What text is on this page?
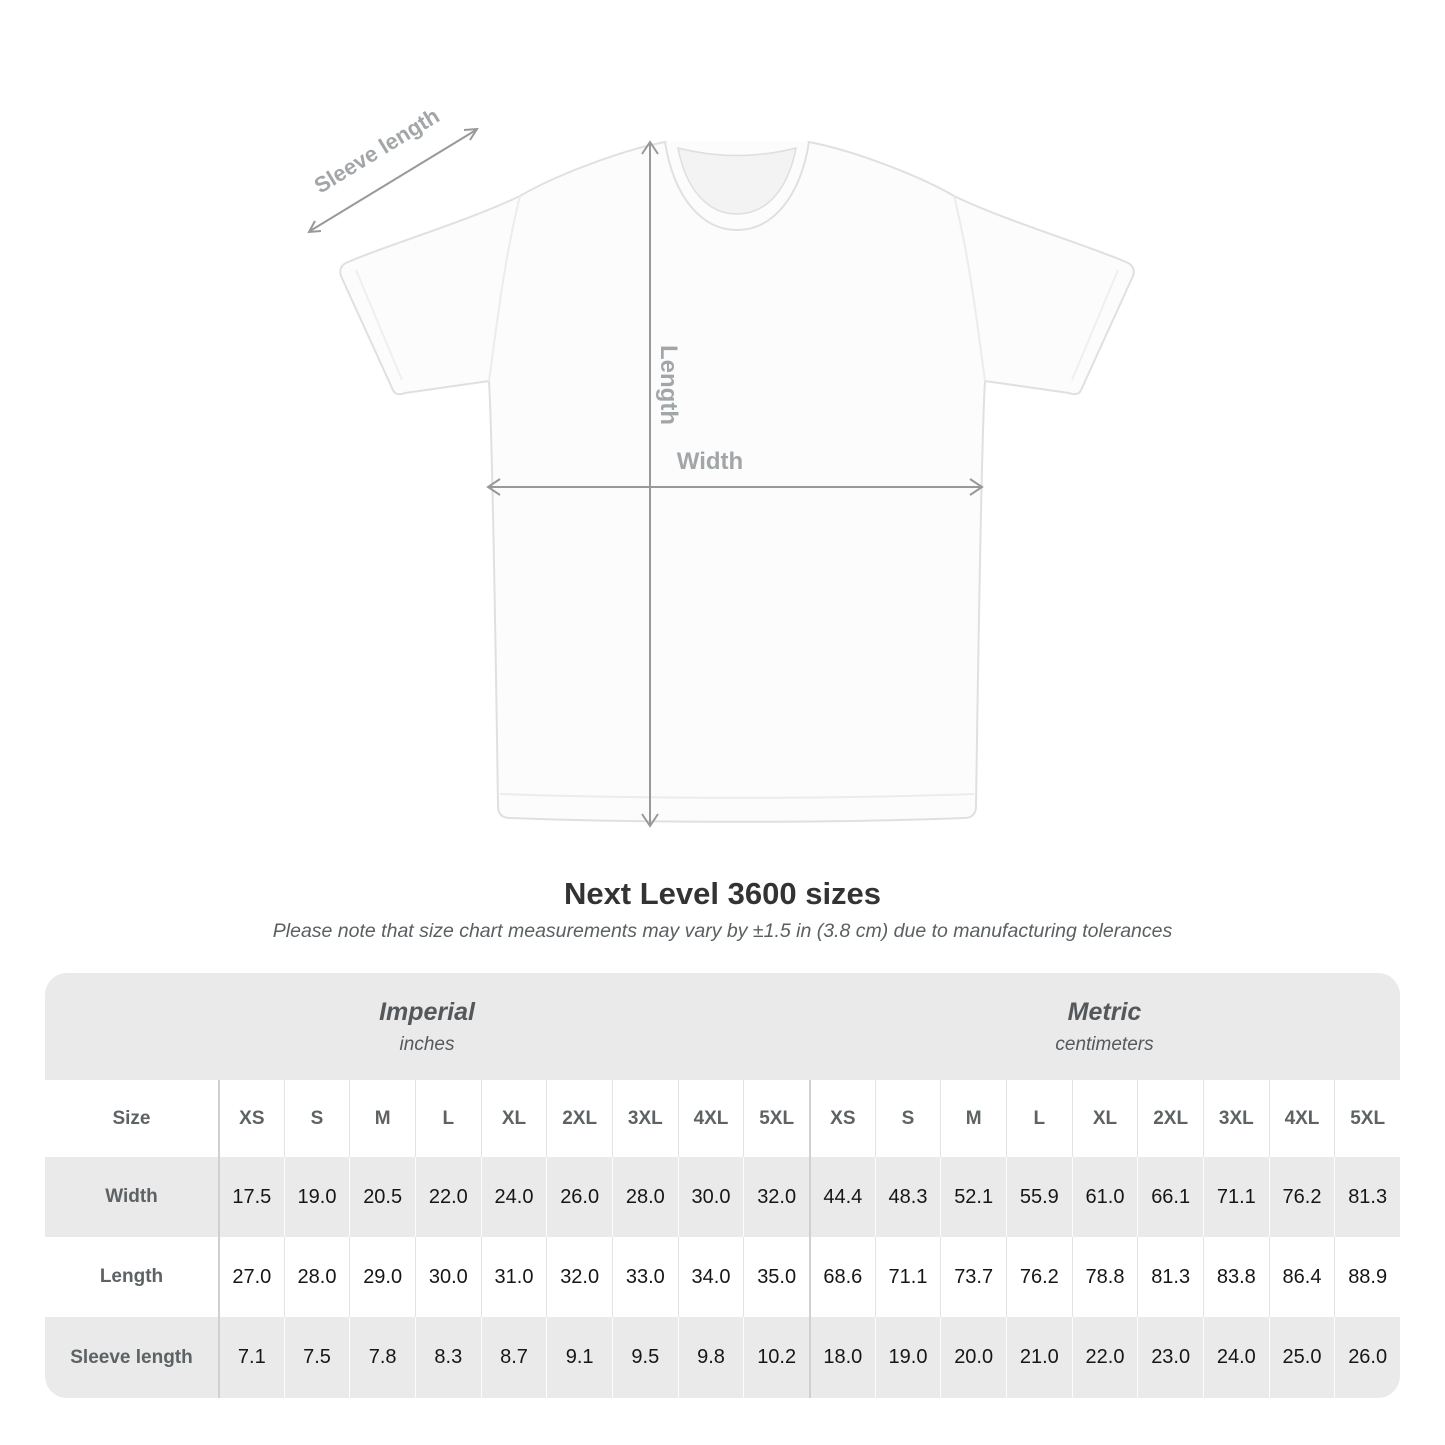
Sleeve length
Length
Width
Next Level 3600 sizes

Please note that size chart measurements may vary by ±1.5 in (3.8 cm) due to manufacturing tolerances

Imperial
inches
Metric
centimeters
Size	XS	S	M	L	XL	2XL	3XL	4XL	5XL	XS	S	M	L	XL	2XL	3XL	4XL	5XL
Width	17.5	19.0	20.5	22.0	24.0	26.0	28.0	30.0	32.0	44.4	48.3	52.1	55.9	61.0	66.1	71.1	76.2	81.3
Length	27.0	28.0	29.0	30.0	31.0	32.0	33.0	34.0	35.0	68.6	71.1	73.7	76.2	78.8	81.3	83.8	86.4	88.9
Sleeve length	7.1	7.5	7.8	8.3	8.7	9.1	9.5	9.8	10.2	18.0	19.0	20.0	21.0	22.0	23.0	24.0	25.0	26.0
